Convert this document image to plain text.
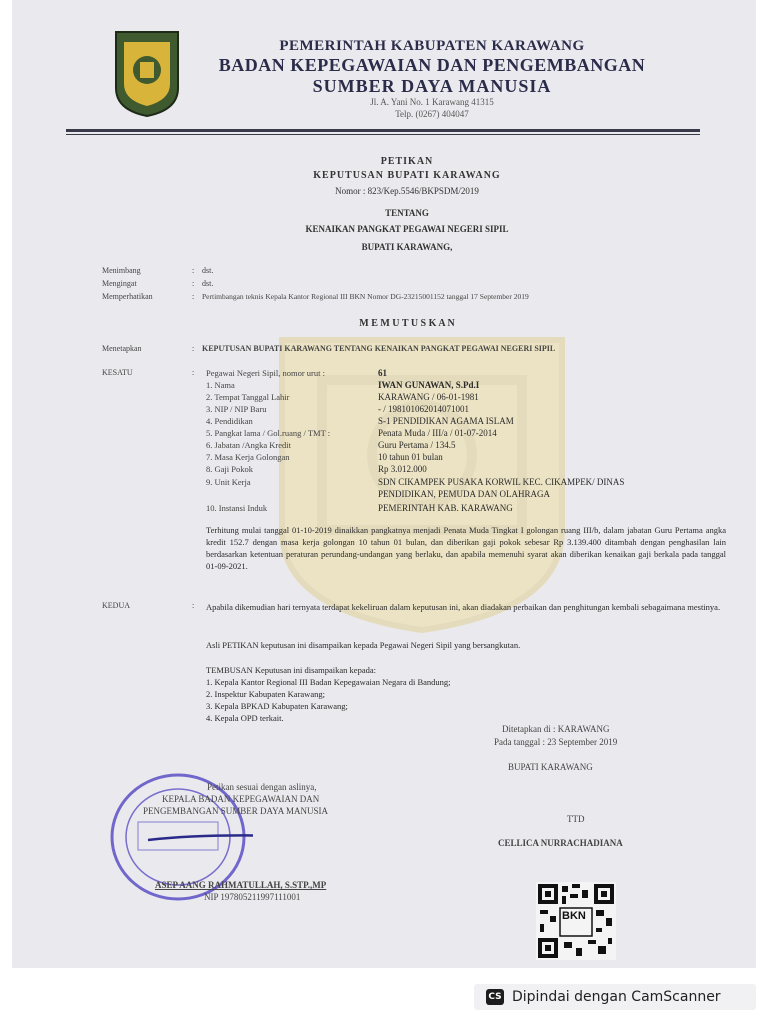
PEMERINTAH KABUPATEN KARAWANG
BADAN KEPEGAWAIAN DAN PENGEMBANGAN
SUMBER DAYA MANUSIA
Jl. A. Yani No. 1 Karawang 41315
Telp. (0267) 404047
PETIKAN
KEPUTUSAN BUPATI KARAWANG
Nomor : 823/Kep.5546/BKPSDM/2019
TENTANG
KENAIKAN PANGKAT PEGAWAI NEGERI SIPIL
BUPATI KARAWANG,
Menimbang	: dst.
Mengingat	: dst.
Memperhatikan	: Pertimbangan teknis Kepala Kantor Regional III BKN Nomor DG-23215001152 tanggal 17 September 2019
M E M U T U S K A N
Menetapkan	: KEPUTUSAN BUPATI KARAWANG TENTANG KENAIKAN PANGKAT PEGAWAI NEGERI SIPIL
KESATU	: Pegawai Negeri Sipil, nomor urut :	61
1. Nama	IWAN GUNAWAN, S.Pd.I
2. Tempat Tanggal Lahir	KARAWANG / 06-01-1981
3. NIP / NIP Baru	- / 198101062014071001
4. Pendidikan	S-1 PENDIDIKAN AGAMA ISLAM
5. Pangkat lama / Gol.ruang / TMT :	Penata Muda / III/a / 01-07-2014
6. Jabatan /Angka Kredit	Guru Pertama / 134.5
7. Masa Kerja Golongan	10 tahun 01 bulan
8. Gaji Pokok	Rp 3.012.000
9. Unit Kerja	SDN CIKAMPEK PUSAKA KORWIL KEC. CIKAMPEK/ DINAS
PENDIDIKAN, PEMUDA DAN OLAHRAGA
10. Instansi Induk	PEMERINTAH KAB. KARAWANG
Terhitung mulai tanggal 01-10-2019 dinaikkan pangkatnya menjadi Penata Muda Tingkat I golongan ruang III/b, dalam jabatan Guru Pertama angka kredit 152.7 dengan masa kerja golongan 10 tahun 01 bulan, dan diberikan gaji pokok sebesar Rp 3.139.400 ditambah dengan penghasilan lain berdasarkan ketentuan peraturan perundang-undangan yang berlaku, dan apabila memenuhi syarat akan diberikan kenaikan gaji berkala pada tanggal 01-09-2021.
KEDUA	: Apabila dikemudian hari ternyata terdapat kekeliruan dalam keputusan ini, akan diadakan perbaikan dan penghitungan kembali sebagaimana mestinya.
Asli PETIKAN keputusan ini disampaikan kepada Pegawai Negeri Sipil yang bersangkutan.
TEMBUSAN Keputusan ini disampaikan kepada:
1. Kepala Kantor Regional III Badan Kepegawaian Negara di Bandung;
2. Inspektur Kabupaten Karawang;
3. Kepala BPKAD Kabupaten Karawang;
4. Kepala OPD terkait.
Ditetapkan di : KARAWANG
Pada tanggal : 23 September 2019
BUPATI KARAWANG
TTD
CELLICA NURRACHADIANA
Petikan sesuai dengan aslinya,
KEPALA BADAN KEPEGAWAIAN DAN
PENGEMBANGAN SUMBER DAYA MANUSIA
ASEP AANG RAHMATULLAH, S.STP.,MP
NIP 197805211997111001
BKN
CS Dipindai dengan CamScanner
